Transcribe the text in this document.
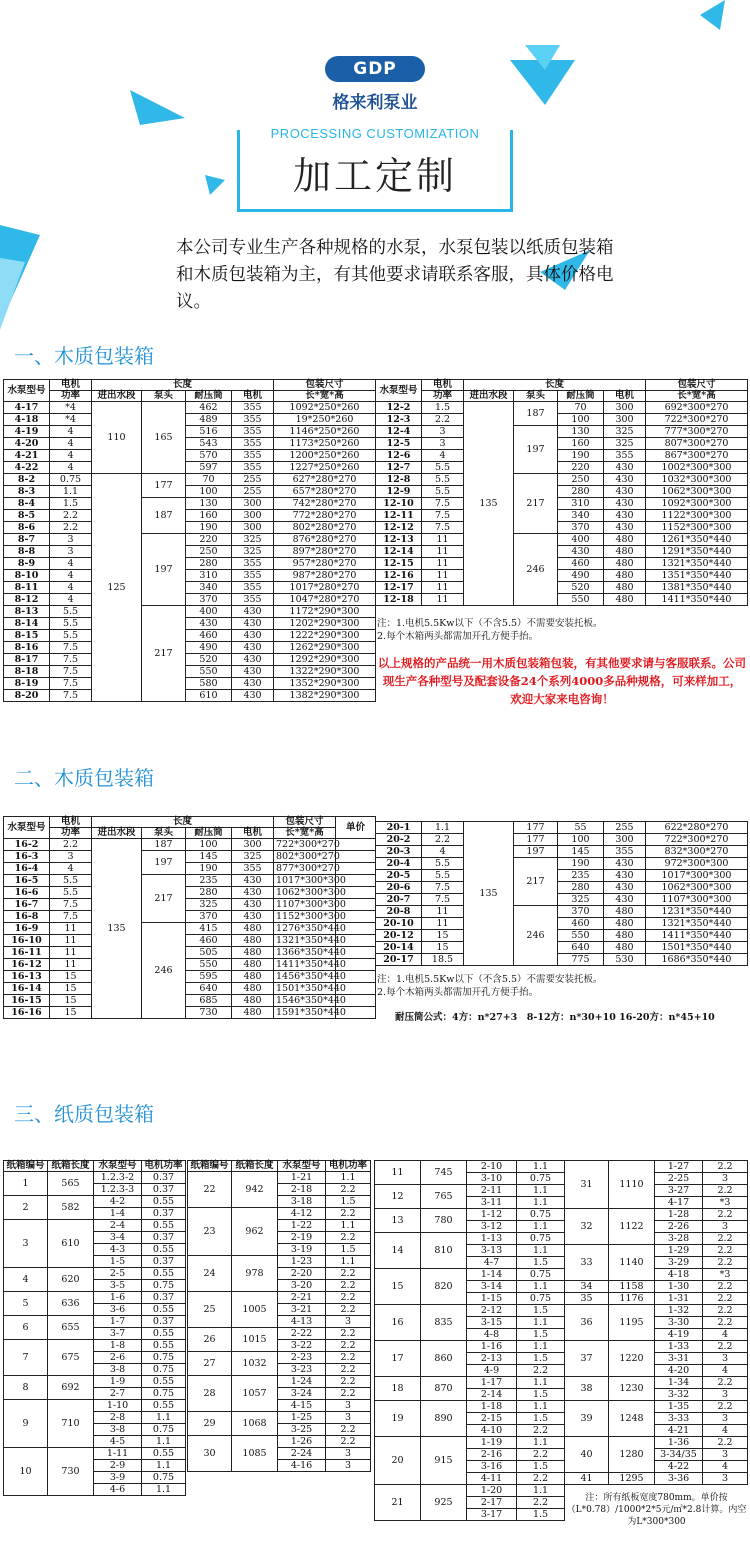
GDP
格来利泵业
PROCESSING CUSTOMIZATION
加工定制
本公司专业生产各种规格的水泵，水泵包装以纸质包装箱和木质包装箱为主，有其他要求请联系客服，具体价格电议。
一、木质包装箱
水泵型号	电机	长度				包装尺寸
	功率	进出水段	泵头	耐压筒	电机	长*宽*高
4-17	*4	110	165	462	355	1092*250*260
4-18	*4			489	355	19*250*260
4-19	4			516	355	1146*250*260
4-20	4			543	355	1173*250*260
4-21	4			570	355	1200*250*260
4-22	4			597	355	1227*250*260
8-2	0.75	125	177	70	255	627*280*270
8-3	1.1			100	255	657*280*270
8-4	1.5		187	130	300	742*280*270
8-5	2.2			160	300	772*280*270
8-6	2.2			190	300	802*280*270
8-7	3		197	220	325	876*280*270
8-8	3			250	325	897*280*270
8-9	4			280	355	957*280*270
8-10	4			310	355	987*280*270
8-11	4			340	355	1017*280*270
8-12	4			370	355	1047*280*270
8-13	5.5		217	400	430	1172*290*300
8-14	5.5			430	430	1202*290*300
8-15	5.5			460	430	1222*290*300
8-16	7.5			490	430	1262*290*300
8-17	7.5			520	430	1292*290*300
8-18	7.5			550	430	1322*290*300
8-19	7.5			580	430	1352*290*300
8-20	7.5			610	430	1382*290*300
水泵型号	电机	长度				包装尺寸
	功率	进出水段	泵头	耐压筒	电机	长*宽*高
12-2	1.5	135	187	70	300	692*300*270
12-3	2.2			100	300	722*300*270
12-4	3		197	130	325	777*300*270
12-5	3			160	325	807*300*270
12-6	4			190	355	867*300*270
12-7	5.5			220	430	1002*300*300
12-8	5.5		217	250	430	1032*300*300
12-9	5.5			280	430	1062*300*300
12-10	7.5			310	430	1092*300*300
12-11	7.5			340	430	1122*300*300
12-12	7.5			370	430	1152*300*300
12-13	11		246	400	480	1261*350*440
12-14	11			430	480	1291*350*440
12-15	11			460	480	1321*350*440
12-16	11			490	480	1351*350*440
12-17	11			520	480	1381*350*440
12-18	11			550	480	1411*350*440
注：1.电机5.5Kw以下（不含5.5）不需要安装托板。
2.每个木箱两头都需加开孔方便手抬。
以上规格的产品统一用木质包装箱包装，有其他要求请与客服联系。公司现生产各种型号及配套设备24个系列4000多品种规格，可来样加工，欢迎大家来电咨询！
二、木质包装箱
水泵型号	电机	长度				包装尺寸	单价
	功率	进出水段	泵头	耐压筒	电机	长*宽*高	
16-2	2.2	135	187	100	300	722*300*270	
16-3	3		197	145	325	802*300*270	
16-4	4			190	355	877*300*270	
16-5	5.5		217	235	430	1017*300*300	
16-6	5.5			280	430	1062*300*300	
16-7	7.5			325	430	1107*300*300	
16-8	7.5			370	430	1152*300*300	
16-9	11		246	415	480	1276*350*440	
16-10	11			460	480	1321*350*440	
16-11	11			505	480	1366*350*440	
16-12	11			550	480	1411*350*440	
16-13	15			595	480	1456*350*440	
16-14	15			640	480	1501*350*440	
16-15	15			685	480	1546*350*440	
16-16	15			730	480	1591*350*440	
20-1	1.1	135	177	55	255	622*280*270
20-2	2.2		177	100	300	722*300*270
20-3	4		197	145	355	832*300*270
20-4	5.5		217	190	430	972*300*300
20-5	5.5			235	430	1017*300*300
20-6	7.5			280	430	1062*300*300
20-7	7.5			325	430	1107*300*300
20-8	11		246	370	480	1231*350*440
20-10	11			460	480	1321*350*440
20-12	15			550	480	1411*350*440
20-14	15			640	480	1501*350*440
20-17	18.5			775	530	1686*350*440
注：1.电机5.5Kw以下（不含5.5）不需要安装托板。
2.每个木箱两头都需加开孔方便手抬。
耐压筒公式：4方：n*27+3　8-12方：n*30+10 16-20方：n*45+10
三、纸质包装箱
纸箱编号	纸箱长度	水泵型号	电机功率
1	565	1.2.3-2	0.37
		1.2.3-3	0.37
2	582	4-2	0.55
		1-4	0.37
3	610	2-4	0.55
		3-4	0.37
		4-3	0.55
		1-5	0.37
4	620	2-5	0.55
		3-5	0.75
5	636	1-6	0.37
		3-6	0.55
6	655	1-7	0.37
		3-7	0.55
7	675	1-8	0.55
		2-6	0.75
		3-8	0.75
8	692	1-9	0.55
		2-7	0.75
9	710	1-10	0.55
		2-8	1.1
		3-8	0.75
		4-5	1.1
10	730	1-11	0.55
		2-9	1.1
		3-9	0.75
		4-6	1.1
纸箱编号	纸箱长度	水泵型号	电机功率
22	942	1-21	1.1
		2-18	2.2
		3-18	1.5
23	962	4-12	2.2
		1-22	1.1
		2-19	2.2
		3-19	1.5
24	978	1-23	1.1
		2-20	2.2
		3-20	2.2
25	1005	2-21	2.2
		3-21	2.2
		4-13	3
26	1015	2-22	2.2
		3-22	2.2
27	1032	2-23	2.2
		3-23	2.2
28	1057	1-24	2.2
		3-24	2.2
		4-15	3
29	1068	1-25	3
		3-25	2.2
30	1085	1-26	2.2
		2-24	3
		4-16	3
11	745	2-10	1.1
		3-10	0.75
12	765	2-11	1.1
		3-11	1.1
13	780	1-12	0.75
		3-12	1.1
14	810	1-13	0.75
		3-13	1.1
		4-7	1.5
15	820	1-14	0.75
		3-14	1.1
		1-15	0.75
16	835	2-12	1.5
		3-15	1.1
		4-8	1.5
17	860	1-16	1.1
		2-13	1.5
		4-9	2.2
18	870	1-17	1.1
		2-14	1.5
19	890	1-18	1.1
		2-15	1.5
		4-10	2.2
20	915	1-19	1.1
		2-16	2.2
		3-16	1.5
		4-11	2.2
21	925	1-20	1.1
		2-17	2.2
		3-17	1.5
31	1110	1-27	2.2
		2-25	3
		3-27	2.2
		4-17	*3
32	1122	1-28	2.2
		2-26	3
		3-28	2.2
33	1140	1-29	2.2
		3-29	2.2
		4-18	*3
34	1158	1-30	2.2
35	1176	1-31	2.2
36	1195	1-32	2.2
		3-30	2.2
		4-19	4
37	1220	1-33	2.2
		3-31	3
		4-20	4
38	1230	1-34	2.2
		3-32	3
39	1248	1-35	2.2
		3-33	3
		4-21	4
40	1280	1-36	2.2
		3-34/35	3
		4-22	4
41	1295	3-36	3
注：所有纸板宽度780mm。单价按（L*0.78）/1000*2*5元/㎡*2.8计算。内空为L*300*300
